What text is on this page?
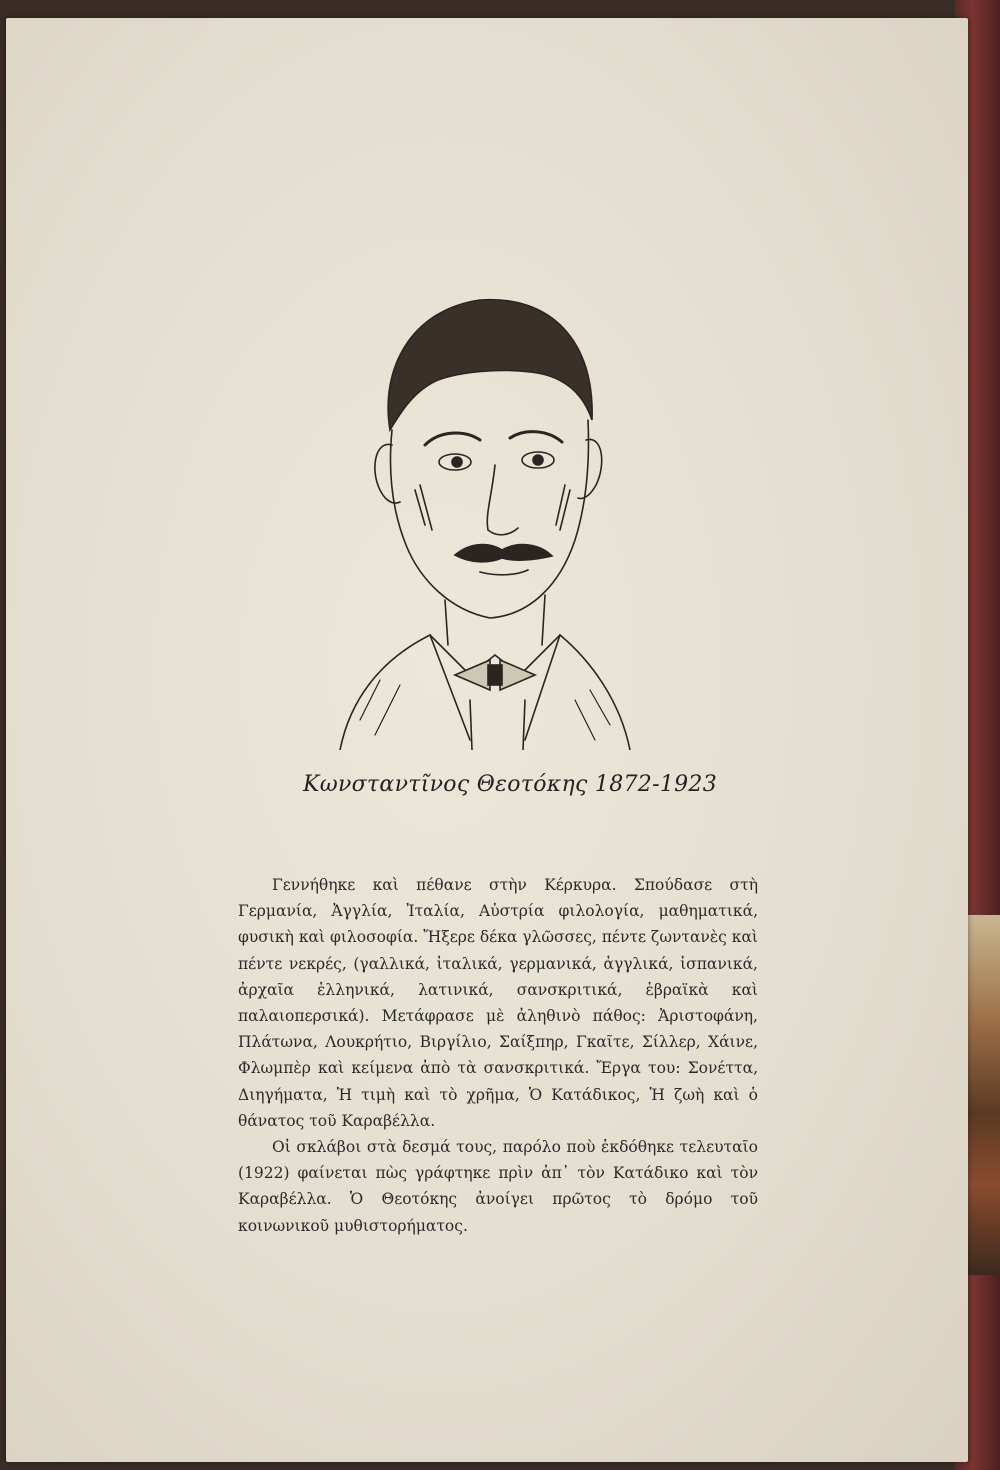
Κωνσταντῖνος Θεοτόκης 1872-1923

Γεννήθηκε καὶ πέθανε στὴν Κέρκυρα. Σπούδασε στὴ Γερμανία, Ἀγγλία, Ἰταλία, Αὐστρία φιλολογία, μαθηματικά, φυσικὴ καὶ φιλοσοφία. Ἤξερε δέκα γλῶσσες, πέντε ζωντανὲς καὶ πέντε νεκρές, (γαλλικά, ἰταλικά, γερμανικά, ἀγγλικά, ἰσπανικά, ἀρχαῖα ἑλληνικά, λατινικά, σανσκριτικά, ἑβραϊκὰ καὶ παλαιοπερσικά). Μετάφρασε μὲ ἀληθινὸ πάθος: Ἀριστοφάνη, Πλάτωνα, Λουκρήτιο, Βιργίλιο, Σαίξπηρ, Γκαῖτε, Σίλλερ, Χάινε, Φλωμπὲρ καὶ κείμενα ἀπὸ τὰ σανσκριτικά. Ἔργα του: Σονέττα, Διηγήματα, Ἡ τιμὴ καὶ τὸ χρῆμα, Ὁ Κατάδικος, Ἡ ζωὴ καὶ ὁ θάνατος τοῦ Καραβέλλα.

Οἱ σκλάβοι στὰ δεσμά τους, παρόλο ποὺ ἐκδόθηκε τελευταῖο (1922) φαίνεται πὼς γράφτηκε πρὶν ἀπ᾽ τὸν Κατάδικο καὶ τὸν Καραβέλλα. Ὁ Θεοτόκης ἀνοίγει πρῶτος τὸ δρόμο τοῦ κοινωνικοῦ μυθιστορήματος.
